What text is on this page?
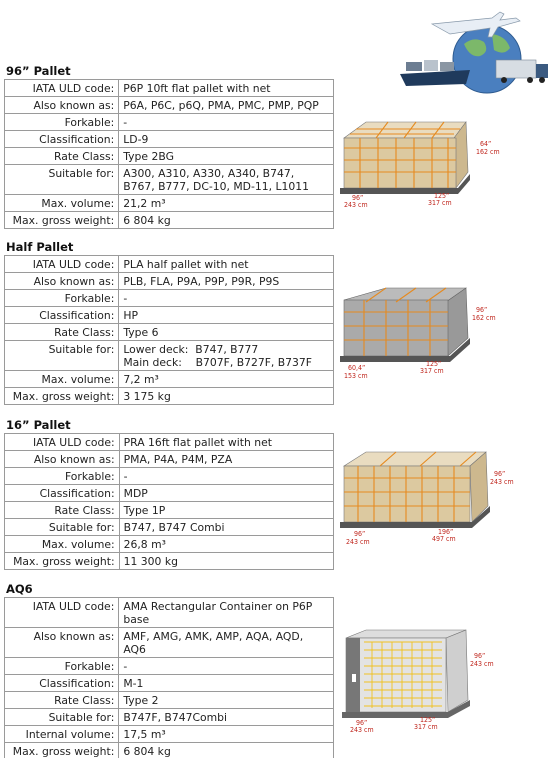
96” Pallet
IATA ULD code:	P6P 10ft flat pallet with net

Also known as:	P6A, P6C, p6Q, PMA, PMC, PMP, PQP

Forkable:	-

Classification:	LD-9

Rate Class:	Type 2BG

Suitable for:	A300, A310, A330, A340, B747,
B767, B777, DC-10, MD-11, L1011

Max. volume:	21,2 m³

Max. gross weight:	6 804 kg
Half Pallet
IATA ULD code:	PLA half pallet with net

Also known as:	PLB, FLA, P9A, P9P, P9R, P9S

Forkable:	-

Classification:	HP

Rate Class:	Type 6

Suitable for:	Lower deck:  B747, B777
Main deck:    B707F, B727F, B737F

Max. volume:	7,2 m³

Max. gross weight:	3 175 kg
16” Pallet
IATA ULD code:	PRA 16ft flat pallet with net

Also known as:	PMA, P4A, P4M, PZA

Forkable:	-

Classification:	MDP

Rate Class:	Type 1P

Suitable for:	B747, B747 Combi

Max. volume:	26,8 m³

Max. gross weight:	11 300 kg
AQ6
IATA ULD code:	AMA Rectangular Container on P6P
base

Also known as:	AMF, AMG, AMK, AMP, AQA, AQD,
AQ6

Forkable:	-

Classification:	M-1

Rate Class:	Type 2

Suitable for:	B747F, B747Combi

Internal volume:	17,5 m³

Max. gross weight:	6 804 kg
64”
162 cm
96”
243 cm
125”
317 cm
96”
162 cm
60,4”
153 cm
125”
317 cm
96”
243 cm
96”
243 cm
196”
497 cm
96”
243 cm
96”
243 cm
125”
317 cm
